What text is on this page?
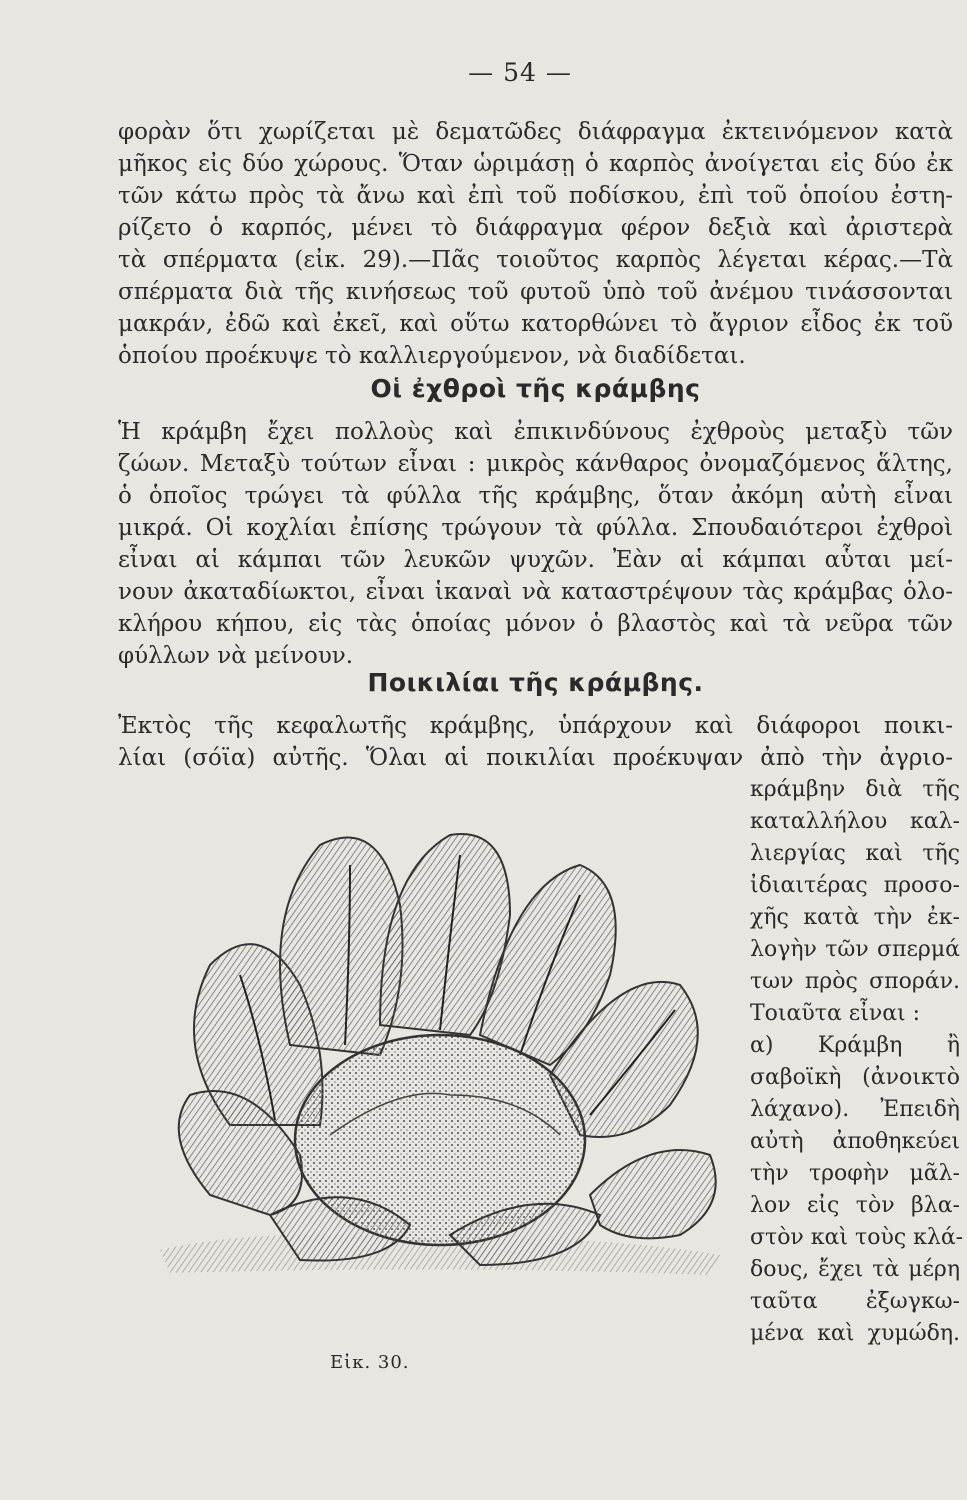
— 54 —
φορὰν ὅτι χωρίζεται μὲ δεματῶδες διάφραγμα ἐκτεινόμενον κατὰ
μῆκος εἰς δύο χώρους. Ὅταν ὡριμάσῃ ὁ καρπὸς ἀνοίγεται εἰς δύο ἐκ
τῶν κάτω πρὸς τὰ ἄνω καὶ ἐπὶ τοῦ ποδίσκου, ἐπὶ τοῦ ὁποίου ἐστη-
ρίζετο ὁ καρπός, μένει τὸ διάφραγμα φέρον δεξιὰ καὶ ἀριστερὰ
τὰ σπέρματα (εἰκ. 29).—Πᾶς τοιοῦτος καρπὸς λέγεται κέρας.—Τὰ
σπέρματα διὰ τῆς κινήσεως τοῦ φυτοῦ ὑπὸ τοῦ ἀνέμου τινάσσονται
μακράν, ἐδῶ καὶ ἐκεῖ, καὶ οὕτω κατορθώνει τὸ ἄγριον εἶδος ἐκ τοῦ
ὁποίου προέκυψε τὸ καλλιεργούμενον, νὰ διαδίδεται.
Οἱ ἐχθροὶ τῆς κράμβης
Ἡ κράμβη ἔχει πολλοὺς καὶ ἐπικινδύνους ἐχθροὺς μεταξὺ τῶν
ζώων. Μεταξὺ τούτων εἶναι : μικρὸς κάνθαρος ὀνομαζόμενος ἅλτης,
ὁ ὁποῖος τρώγει τὰ φύλλα τῆς κράμβης, ὅταν ἀκόμη αὐτὴ εἶναι
μικρά. Οἱ κοχλίαι ἐπίσης τρώγουν τὰ φύλλα. Σπουδαιότεροι ἐχθροὶ
εἶναι αἱ κάμπαι τῶν λευκῶν ψυχῶν. Ἐὰν αἱ κάμπαι αὗται μεί-
νουν ἀκαταδίωκτοι, εἶναι ἱκαναὶ νὰ καταστρέψουν τὰς κράμβας ὁλο-
κλήρου κήπου, εἰς τὰς ὁποίας μόνον ὁ βλαστὸς καὶ τὰ νεῦρα τῶν
φύλλων νὰ μείνουν.
Ποικιλίαι τῆς κράμβης.
Ἐκτὸς τῆς κεφαλωτῆς κράμβης, ὑπάρχουν καὶ διάφοροι ποικι-
λίαι (σόϊα) αὐτῆς. Ὅλαι αἱ ποικιλίαι προέκυψαν ἀπὸ τὴν ἀγριο-
κράμβην διὰ τῆς
καταλλήλου καλ-
λιεργίας καὶ τῆς
ἰδιαιτέρας προσο-
χῆς κατὰ τὴν ἐκ-
λογὴν τῶν σπερμά
των πρὸς σποράν.
Τοιαῦτα εἶναι :
α) Κράμβη ἢ
σαβοϊκὴ (ἀνοικτὸ
λάχανο). Ἐπειδὴ
αὐτὴ ἀποθηκεύει
τὴν τροφὴν μᾶλ-
λον εἰς τὸν βλα-
στὸν καὶ τοὺς κλά-
δους, ἔχει τὰ μέρη
ταῦτα ἐξωγκω-
μένα καὶ χυμώδη.
Εἰκ. 30.
